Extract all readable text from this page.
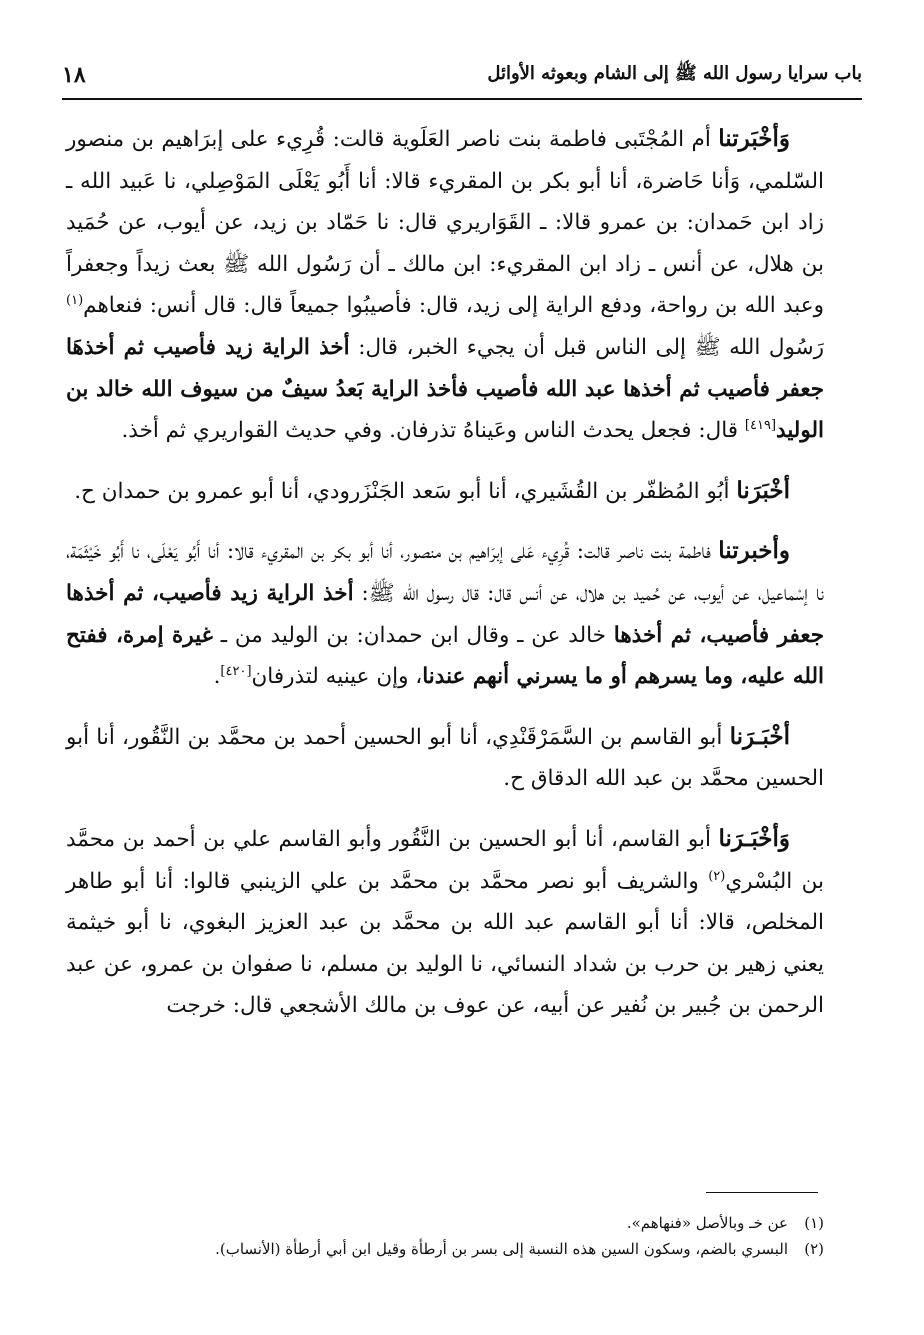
باب سرايا رسول الله ﷺ إلى الشام وبعوثه الأوائل
١٨

وَأخْبَرتنا أم المُجْتَبى فاطمة بنت ناصر العَلَوية قالت: قُرِيء على إبرَاهيم بن منصور السّلمي، وَأنا حَاضرة، أنا أبو بكر بن المقريء قالا: أنا أَبُو يَعْلَى المَوْصِلي، نا عَبيد الله ـ زاد ابن حَمدان: بن عمرو قالا: ـ القَوَاريري قال: نا حَمّاد بن زيد، عن أيوب، عن حُمَيد بن هلال، عن أنس ـ زاد ابن المقريء: ابن مالك ـ أن رَسُول الله ﷺ بعث زيداً وجعفراً وعبد الله بن رواحة، ودفع الراية إلى زيد، قال: فأصيبُوا جميعاً قال: قال أنس: فنعاهم$^{(١)}$ رَسُول الله ﷺ إلى الناس قبل أن يجيء الخبر، قال: أخذ الراية زيد فأصيب ثم أخذهَا جعفر فأصيب ثم أخذها عبد الله فأصيب فأخذ الراية بَعدُ سيفٌ من سيوف الله خالد بن الوليد[٤١٩] قال: فجعل يحدث الناس وعَيناهُ تذرفان. وفي حديث القواريري ثم أخذ.

أخْبَرَنا أبُو المُظفّر بن القُشَيري، أنا أبو سَعد الجَنْزَرودي، أنا أبو عمرو بن حمدان ح.

وأخبرتنا فاطمة بنت ناصر قالت: قُرِيء عَلى إبرَاهيم بن منصور، أنا أبو بكر بن المقريء قالا: أنا أَبُو يَعْلَى، نا أَبُو خَيْثَمَة، نا إسْماعيل، عن أيوب، عن حُميد بن هلال، عن أنس قال: قال رسول الله ﷺ: أخذ الراية زيد فأصيب، ثم أخذها جعفر فأصيب، ثم أخذها خالد عن ـ وقال ابن حمدان: بن الوليد من ـ غيرة إمرة، ففتح الله عليه، وما يسرهم أو ما يسرني أنهم عندنا، وإن عينيه لتذرفان[٤٢٠].

أخْبَـرَنا أبو القاسم بن السَّمَرْقَنْدِي، أنا أبو الحسين أحمد بن محمَّد بن النَّقُور، أنا أبو الحسين محمَّد بن عبد الله الدقاق ح.

وَأخْبَـرَنا أبو القاسم، أنا أبو الحسين بن النَّقُور وأبو القاسم علي بن أحمد بن محمَّد بن البُسْري$^{(٢)}$ والشريف أبو نصر محمَّد بن محمَّد بن علي الزينبي قالوا: أنا أبو طاهر المخلص، قالا: أنا أبو القاسم عبد الله بن محمَّد بن عبد العزيز البغوي، نا أبو خيثمة يعني زهير بن حرب بن شداد النسائي، نا الوليد بن مسلم، نا صفوان بن عمرو، عن عبد الرحمن بن جُبير بن نُفير عن أبيه، عن عوف بن مالك الأشجعي قال: خرجت

(١)عن خـ وبالأصل «فنهاهم».

(٢)البسري بالضم، وسكون السين هذه النسبة إلى بسر بن أرطأة وقيل ابن أبي أرطأة (الأنساب).
